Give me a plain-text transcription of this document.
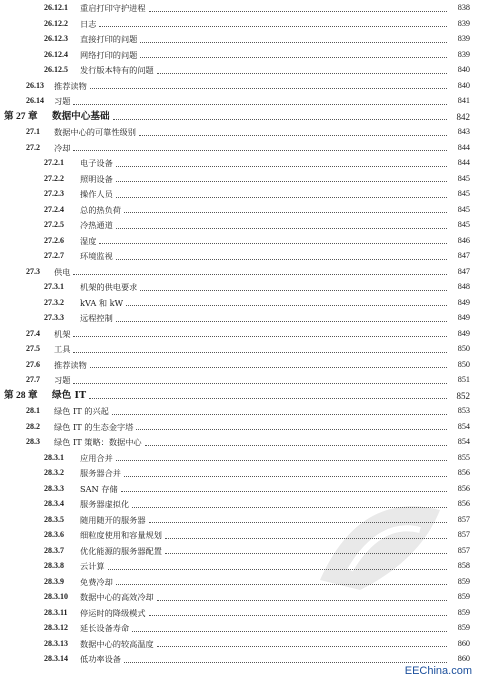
26.12.1	重启打印守护进程	838
26.12.2	日志	839
26.12.3	直接打印的问题	839
26.12.4	网络打印的问题	839
26.12.5	发行版本特有的问题	840
26.13	推荐读物	840
26.14	习题	841
第 27 章	数据中心基础	842
27.1	数据中心的可靠性级别	843
27.2	冷却	844
27.2.1	电子设备	844
27.2.2	照明设备	845
27.2.3	操作人员	845
27.2.4	总的热负荷	845
27.2.5	冷热通道	845
27.2.6	湿度	846
27.2.7	环境监视	847
27.3	供电	847
27.3.1	机架的供电要求	848
27.3.2	kVA 和 kW	849
27.3.3	远程控制	849
27.4	机架	849
27.5	工具	850
27.6	推荐读物	850
27.7	习题	851
第 28 章	绿色 IT	852
28.1	绿色 IT 的兴起	853
28.2	绿色 IT 的生态金字塔	854
28.3	绿色 IT 策略：数据中心	854
28.3.1	应用合并	855
28.3.2	服务器合并	856
28.3.3	SAN 存储	856
28.3.4	服务器虚拟化	856
28.3.5	随用随开的服务器	857
28.3.6	细粒度使用和容量规划	857
28.3.7	优化能源的服务器配置	857
28.3.8	云计算	858
28.3.9	免费冷却	859
28.3.10	数据中心的高效冷却	859
28.3.11	停运时的降级模式	859
28.3.12	延长设备寿命	859
28.3.13	数据中心的较高温度	860
28.3.14	低功率设备	860
EEChina.com
